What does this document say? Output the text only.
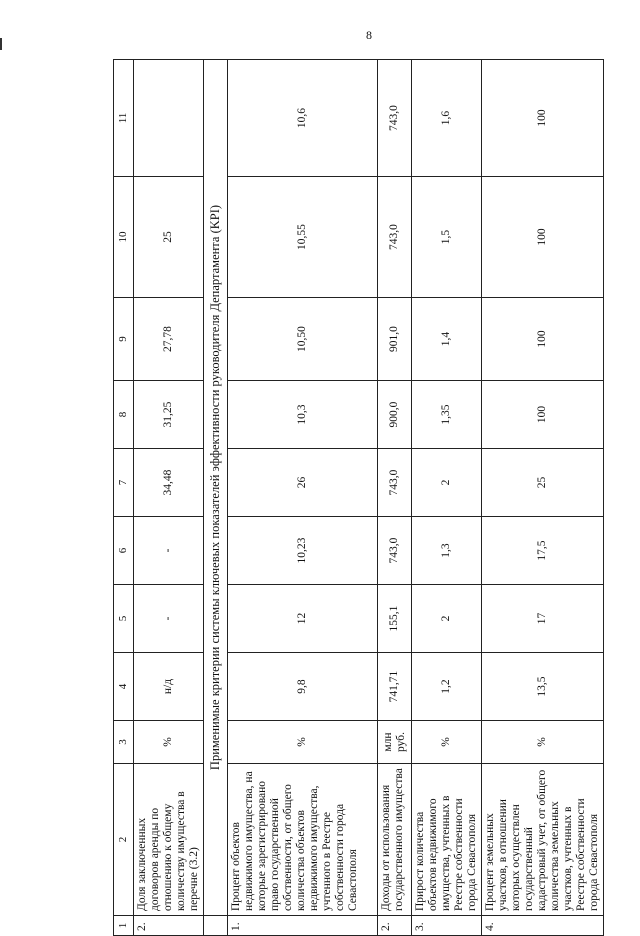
8
1	2	3	4	5	6	7	8	9	10	11
2.	Доля заключенных договоров аренды по отношению к общему количеству имущества в перечне (3.2)	%	н/д	-	-	34,48	31,25	27,78	25	
	Применимые критерии системы ключевых показателей эффективности руководителя Департамента (KPI)									
1.	Процент объектов недвижимого имущества, на которые зарегистрировано право государственной собственности, от общего количества объектов недвижимого имущества, учтенного в Реестре собственности города Севастополя	%	9,8	12	10,23	26	10,3	10,50	10,55	10,6
2.	Доходы от использования государственного имущества	млн руб.	741,71	155,1	743,0	743,0	900,0	901,0	743,0	743,0
3.	Прирост количества объектов недвижимого имущества, учтенных в Реестре собственности города Севастополя	%	1,2	2	1,3	2	1,35	1,4	1,5	1,6
4.	Процент земельных участков, в отношении которых осуществлен государственный кадастровый учет, от общего количества земельных участков, учтенных в Реестре собственности города Севастополя	%	13,5	17	17,5	25	100	100	100	100
